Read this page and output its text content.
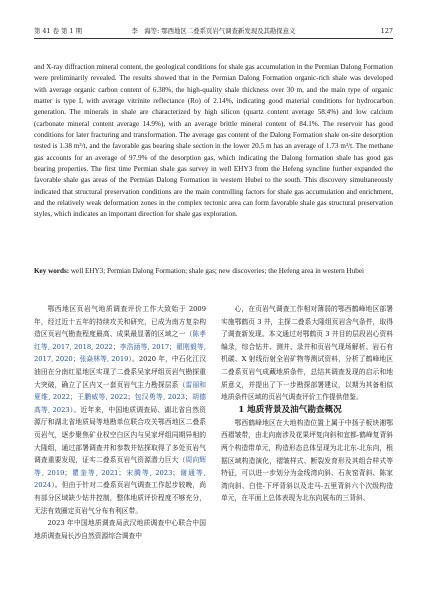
第 41 卷 第 1 期	李　海等: 鄂西地区二叠系页岩气调查新发现及其勘探意义	127

and X-ray diffraction mineral content, the geological conditions for shale gas accumulation in the Permian Dalong Formation were preliminarily revealed. The results showed that in the Permian Dalong Formation organic-rich shale was developed with average organic carbon content of 6.38%, the high-quality shale thickness over 30 m, and the main type of organic matter is type I, with average vitrinite reflectance (Ro) of 2.14%, indicating good material conditions for hydrocarbon generation. The minerals in shale are characterized by high silicon (quartz content average 58.4%) and low calcium (carbonate mineral content average 14.9%), with an average brittle mineral content of 84.1%. The reservoir has good conditions for later fracturing and transformation. The average gas content of the Dalong Formation shale on-site desorption tested is 1.38 m³/t, and the favorable gas bearing shale section in the lower 20.5 m has an average of 1.73 m³/t. The methane gas accounts for an average of 97.9% of the desorption gas, which indicating the Dalong formation shale has good gas bearing properties. The first time Permian shale gas survey in well EHY3 from the Hefeng syncline further expanded the favorable shale gas areas of the Permian Dalong Formation in western Hubei to the south. This discovery simultaneously indicated that structural preservation conditions are the main controlling factors for shale gas accumulation and enrichment, and the relatively weak deformation zones in the complex tectonic area can form favorable shale gas structural preservation styles, which indicates an important direction for shale gas exploration.

Key words: well EHY3; Permian Dalong Formation; shale gas; new discoveries; the Hefeng area in western Hubei

鄂西地区页岩气地质调查评价工作大致始于 2009 年，经过近十五年的持续攻关和研究，已成为南方复杂构造区页岩气勘查程度最高、成果最显著的区域之一（陈孝红等, 2017, 2018, 2022；李浩涵等, 2017；翟刚毅等, 2017, 2020；张焱林等, 2019）。2020 年，中石化江汉油田在分南红星地区实现了二叠系吴家坪组页岩气勘探重大突破，确立了区内又一套页岩气主力勘探层系（雷丽和夏维, 2022；王鹏威等, 2022；包汉勇等, 2023；胡德高等, 2023）。近年来，中国地质调查局、湖北省自然资源厅和湖北省地质局等地勘单位联合攻关鄂西地区二叠系页岩气，逐步聚焦矿业权空白区内与吴家坪组同期异相的大隆组，通过部署调查井和参数井钻探取得了多处页岩气调查重要发现，证实二叠系页岩气资源潜力巨大（周向辉等, 2019；瞿奎等, 2021；宋腾等, 2023；谢通等, 2024）。但由于针对二叠系页岩气调查工作起步较晚，尚有部分区域缺少钻井控制，整体地质评价程度不够充分，无法有效圈定页岩气分布有利区带。

2023 年中国地质调查局武汉地质调查中心联合中国地质调查局长沙自然资源综合调查中

心，在页岩气调查工作相对薄弱的鄂西鹤峰地区部署实施鄂鹤页 3 井，主探二叠系大隆组页岩含气条件，取得了调查新发现。本文通过对鄂鹤页 3 井目的层段岩心资料编录，综合钻井、测井、录井和页岩气现场解析、岩石有机碳、X 射线衍射全岩矿物等测试资料，分析了鹤峰地区二叠系页岩气成藏地质条件，总结其调查发现的启示和地质意义，并提出了下一步勘探部署建议，以期为其备相似地质条件区域的页岩气调查评价工作提供借鉴。

1 地质背景及油气勘查概况

鄂西鹤峰地区在大地构造位置上属于中扬子板块湘鄂西褶皱带，由北向南涉及花果坪复向斜和宜都-鹤峰复背斜两个构造带单元，构造形态总体呈现为北北东-北东向，根据区域构造演化，褶皱样式、断裂发育形及其组合样式等特征，可以进一步划分为金线湾向斜、石灰窑背斜、陈家湾向斜、白佳-下坪背斜以及走马-五里背斜六个次级构造单元，在平面上总体表现为北东向展布的三背斜、
